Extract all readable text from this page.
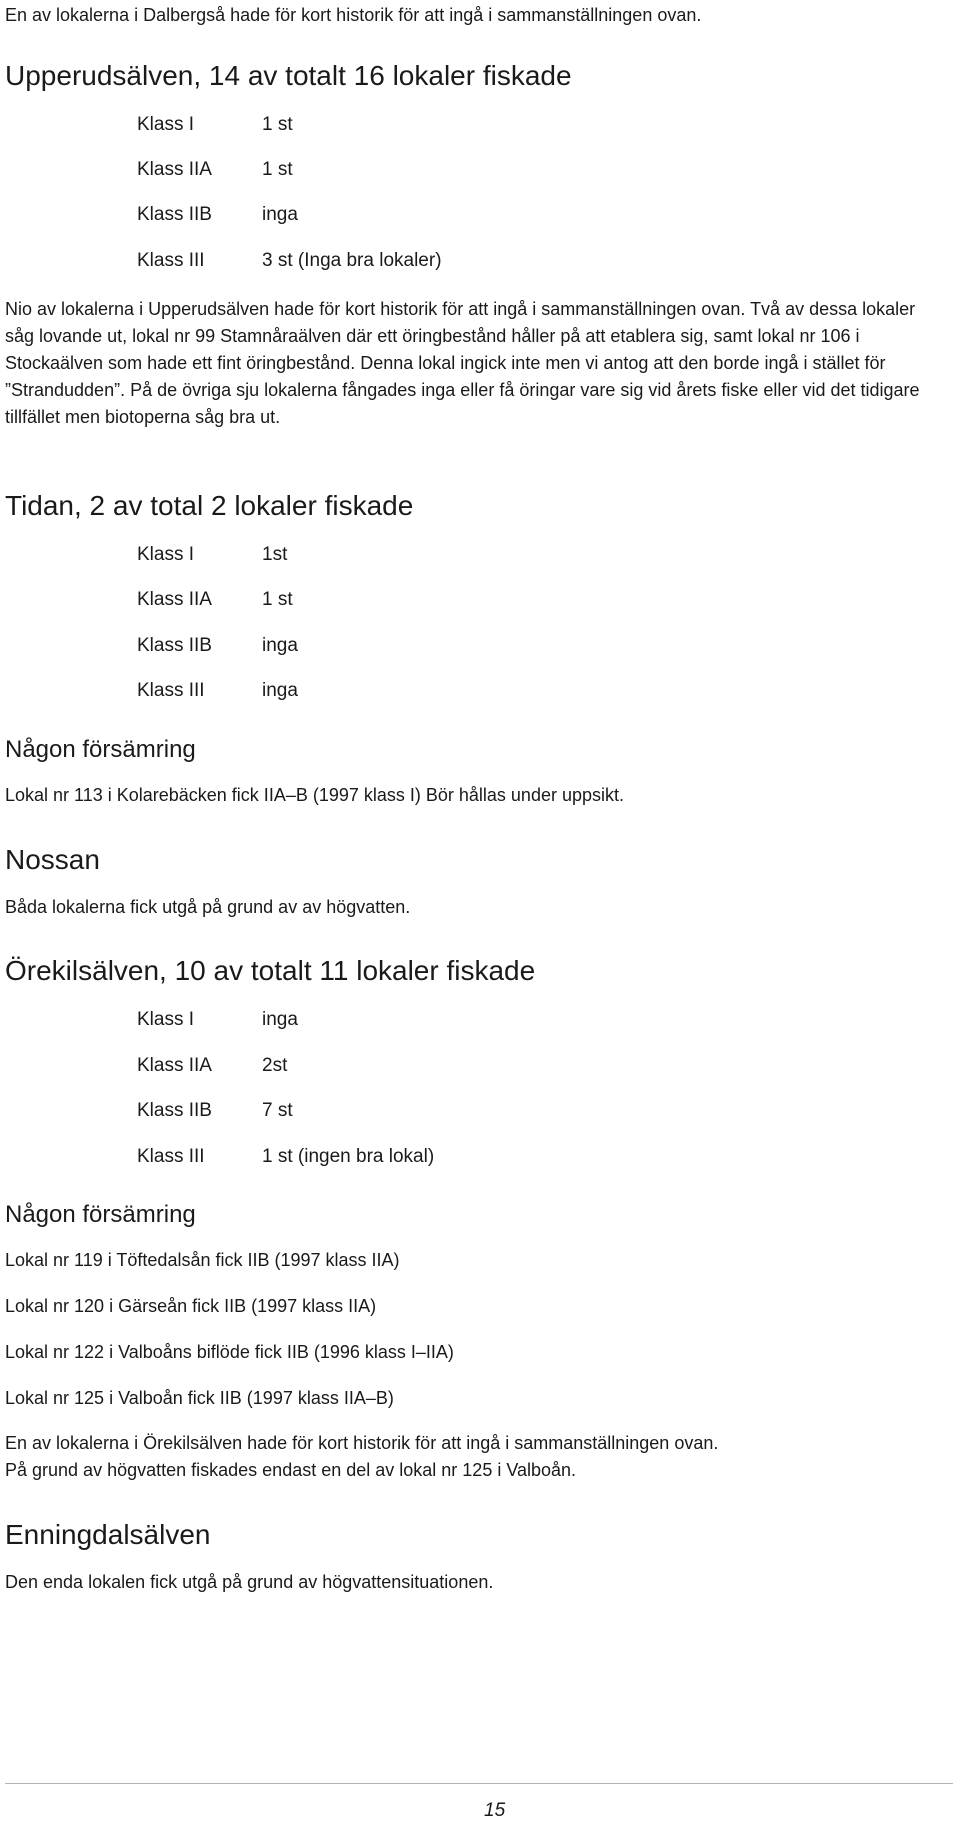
En av lokalerna i Dalbergså hade för kort historik för att ingå i sammanställningen ovan.

Upperudsälven, 14 av totalt 16 lokaler fiskade
Klass I	1 st
Klass IIA	1 st
Klass IIB	inga
Klass III	3 st (Inga bra lokaler)

Nio av lokalerna i Upperudsälven hade för kort historik för att ingå i sammanställningen ovan. Två av dessa lokaler såg lovande ut, lokal nr 99 Stamnåraälven där ett öringbestånd håller på att etablera sig, samt lokal nr 106 i Stockaälven som hade ett fint öringbestånd. Denna lokal ingick inte men vi antog att den borde ingå i stället för ”Strandudden”. På de övriga sju lokalerna fångades inga eller få öringar vare sig vid årets fiske eller vid det tidigare tillfället men biotoperna såg bra ut.

Tidan, 2 av total 2 lokaler fiskade
Klass I	1st
Klass IIA	1 st
Klass IIB	inga
Klass III	inga
Någon försämring

Lokal nr 113 i Kolarebäcken fick IIA–B (1997 klass I) Bör hållas under uppsikt.

Nossan

Båda lokalerna fick utgå på grund av av högvatten.

Örekilsälven, 10 av totalt 11 lokaler fiskade
Klass I	inga
Klass IIA	2st
Klass IIB	7 st
Klass III	1 st (ingen bra lokal)
Någon försämring

Lokal nr 119 i Töftedalsån fick IIB (1997 klass IIA)

Lokal nr 120 i Gärseån fick IIB (1997 klass IIA)

Lokal nr 122 i Valboåns biflöde fick IIB (1996 klass I–IIA)

Lokal nr 125 i Valboån fick IIB (1997 klass IIA–B)

En av lokalerna i Örekilsälven hade för kort historik för att ingå i sammanställningen ovan.

På grund av högvatten fiskades endast en del av lokal nr 125 i Valboån.

Enningdalsälven

Den enda lokalen fick utgå på grund av högvattensituationen.

15
